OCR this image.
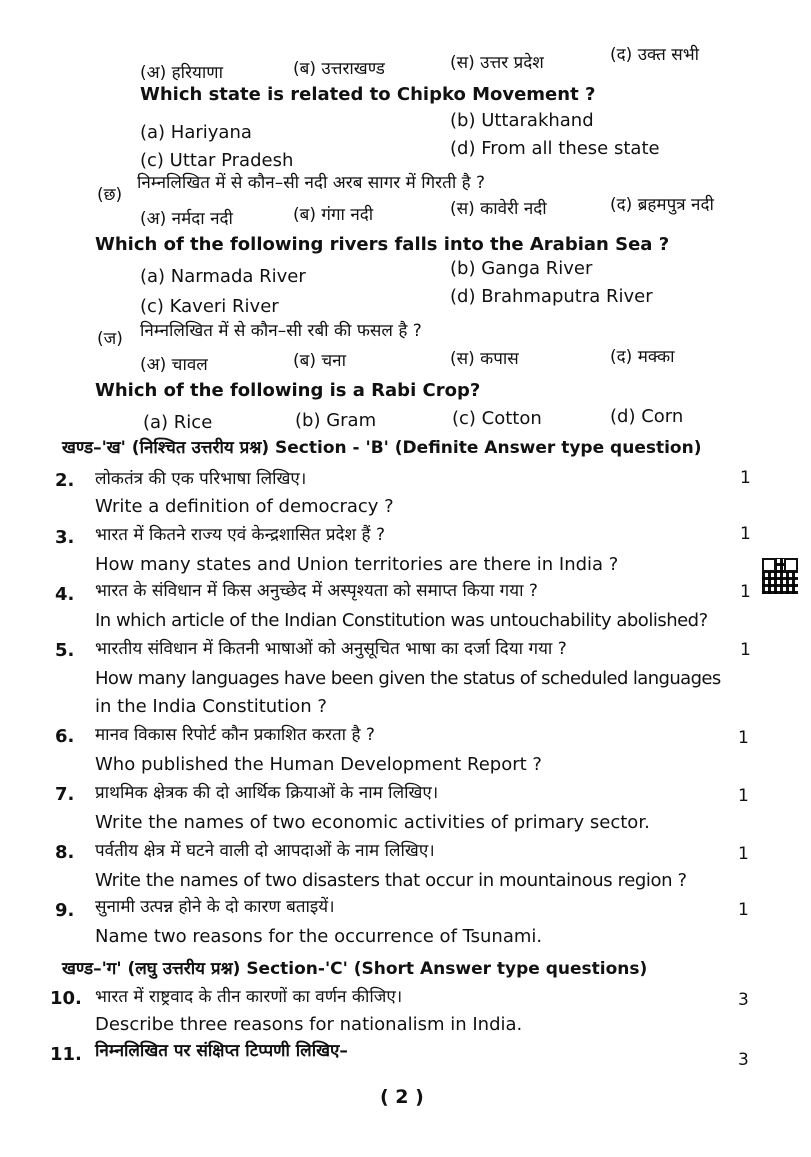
(अ) हरियाणा	(ब) उत्तराखण्ड	(स) उत्तर प्रदेश	(द) उक्त सभी
Which state is related to Chipko Movement ?
(a) Hariyana
(b) Uttarakhand
(c) Uttar Pradesh
(d) From all these state
(छ)
निम्नलिखित में से कौन–सी नदी अरब सागर में गिरती है ?
(अ) नर्मदा नदी	(ब) गंगा नदी	(स) कावेरी नदी	(द) ब्रहमपुत्र नदी
Which of the following rivers falls into the Arabian Sea ?
(a) Narmada River	(b) Ganga River
(c) Kaveri River	(d) Brahmaputra River
(ज) निम्नलिखित में से कौन–सी रबी की फसल है ?
(अ) चावल	(ब) चना	(स) कपास	(द) मक्का
Which of the following is a Rabi Crop?
(a) Rice	(b) Gram	(c) Cotton	(d) Corn
खण्ड–'ख' (निश्चित उत्तरीय प्रश्न) Section - 'B' (Definite Answer type question)
2. लोकतंत्र की एक परिभाषा लिखिए।	1
Write a definition of democracy ?
3. भारत में कितने राज्य एवं केन्द्रशासित प्रदेश हैं ?	1
How many states and Union territories are there in India ?
4. भारत के संविधान में किस अनुच्छेद में अस्पृश्यता को समाप्त किया गया ?	1
In which article of the Indian Constitution was untouchability abolished?
5. भारतीय संविधान में कितनी भाषाओं को अनुसूचित भाषा का दर्जा दिया गया ?	1
How many languages have been given the status of scheduled languages
in the India Constitution ?
6. मानव विकास रिपोर्ट कौन प्रकाशित करता है ?	1
Who published the Human Development Report ?
7. प्राथमिक क्षेत्रक की दो आर्थिक क्रियाओं के नाम लिखिए।	1
Write the names of two economic activities of primary sector.
8. पर्वतीय क्षेत्र में घटने वाली दो आपदाओं के नाम लिखिए।	1
Write the names of two disasters that occur in mountainous region ?
9. सुनामी उत्पन्न होने के दो कारण बताइयें।	1
Name two reasons for the occurrence of Tsunami.
खण्ड–'ग' (लघु उत्तरीय प्रश्न) Section-'C' (Short Answer type questions)
10. भारत में राष्ट्रवाद के तीन कारणों का वर्णन कीजिए।	3
Describe three reasons for nationalism in India.
11. निम्नलिखित पर संक्षिप्त टिप्पणी लिखिए–	3
( 2 )
